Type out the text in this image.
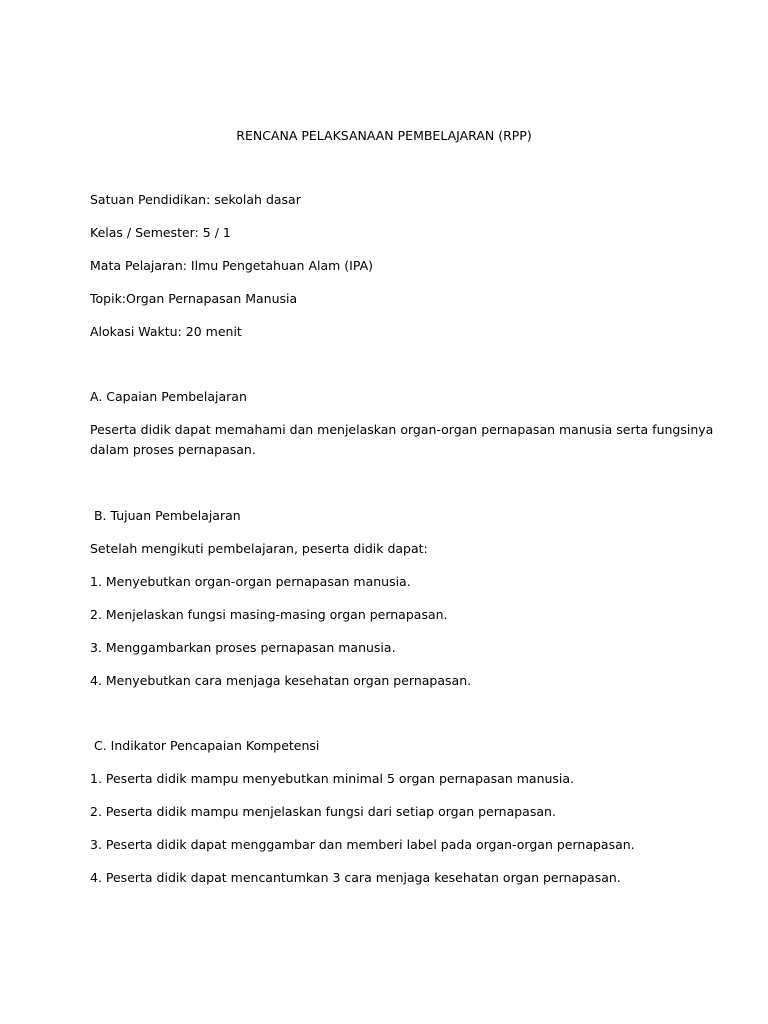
RENCANA PELAKSANAAN PEMBELAJARAN (RPP)
Satuan Pendidikan: sekolah dasar
Kelas / Semester: 5 / 1
Mata Pelajaran: Ilmu Pengetahuan Alam (IPA)
Topik:Organ Pernapasan Manusia
Alokasi Waktu: 20 menit
A. Capaian Pembelajaran
Peserta didik dapat memahami dan menjelaskan organ-organ pernapasan manusia serta fungsinya
dalam proses pernapasan.
B. Tujuan Pembelajaran
Setelah mengikuti pembelajaran, peserta didik dapat:
1. Menyebutkan organ-organ pernapasan manusia.
2. Menjelaskan fungsi masing-masing organ pernapasan.
3. Menggambarkan proses pernapasan manusia.
4. Menyebutkan cara menjaga kesehatan organ pernapasan.
C. Indikator Pencapaian Kompetensi
1. Peserta didik mampu menyebutkan minimal 5 organ pernapasan manusia.
2. Peserta didik mampu menjelaskan fungsi dari setiap organ pernapasan.
3. Peserta didik dapat menggambar dan memberi label pada organ-organ pernapasan.
4. Peserta didik dapat mencantumkan 3 cara menjaga kesehatan organ pernapasan.
